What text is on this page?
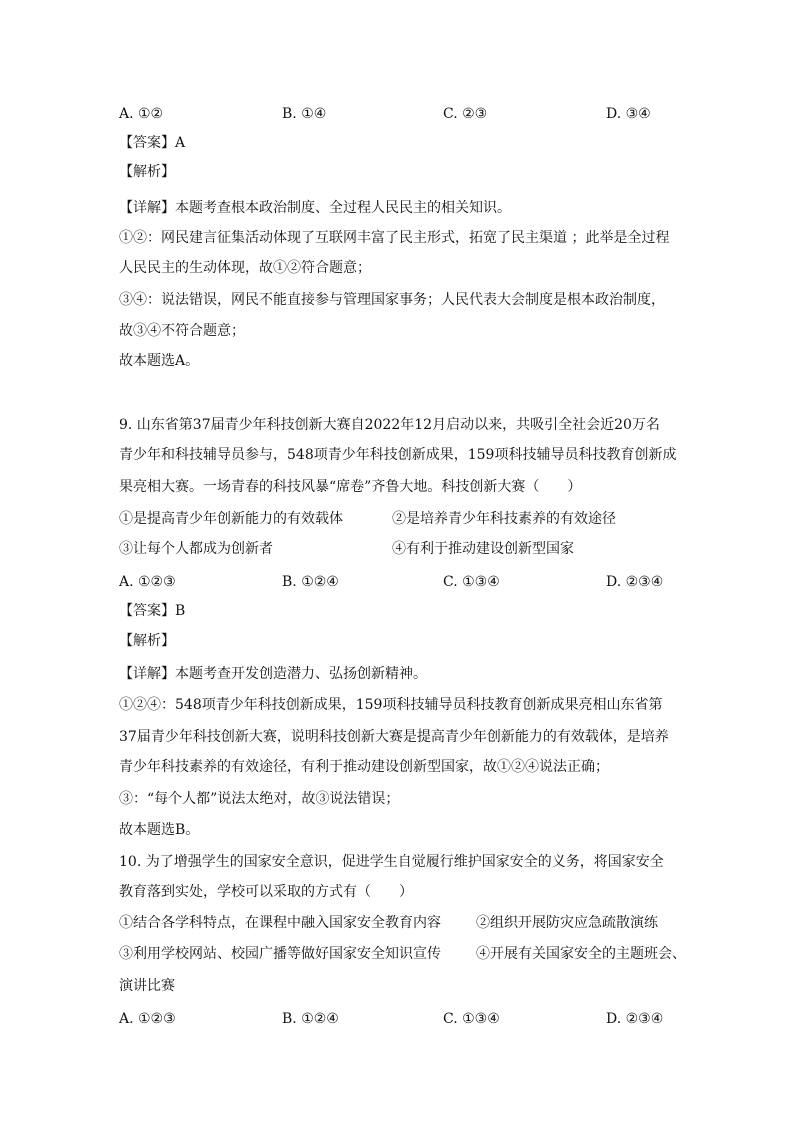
A. ①②	B. ①④	C. ②③	D. ③④
【答案】A
【解析】
【详解】本题考查根本政治制度、全过程人民民主的相关知识。
①②：网民建言征集活动体现了互联网丰富了民主形式，拓宽了民主渠道 ；此举是全过程
人民民主的生动体现，故①②符合题意；
③④：说法错误，网民不能直接参与管理国家事务；人民代表大会制度是根本政治制度，
故③④不符合题意；
故本题选A。
9. 山东省第37届青少年科技创新大赛自2022年12月启动以来，共吸引全社会近20万名
青少年和科技辅导员参与，548项青少年科技创新成果，159项科技辅导员科技教育创新成
果亮相大赛。一场青春的科技风暴“席卷”齐鲁大地。科技创新大赛（　　）
①是提高青少年创新能力的有效载体	②是培养青少年科技素养的有效途径
③让每个人都成为创新者	④有利于推动建设创新型国家
A. ①②③	B. ①②④	C. ①③④	D. ②③④
【答案】B
【解析】
【详解】本题考查开发创造潜力、弘扬创新精神。
①②④：548项青少年科技创新成果，159项科技辅导员科技教育创新成果亮相山东省第
37届青少年科技创新大赛，说明科技创新大赛是提高青少年创新能力的有效载体，是培养
青少年科技素养的有效途径，有利于推动建设创新型国家，故①②④说法正确；
③：“每个人都”说法太绝对，故③说法错误；
故本题选B。
10. 为了增强学生的国家安全意识，促进学生自觉履行维护国家安全的义务，将国家安全
教育落到实处，学校可以采取的方式有（　　）
①结合各学科特点，在课程中融入国家安全教育内容	②组织开展防灾应急疏散演练
③利用学校网站、校园广播等做好国家安全知识宣传	④开展有关国家安全的主题班会、
演讲比赛
A. ①②③	B. ①②④	C. ①③④	D. ②③④
